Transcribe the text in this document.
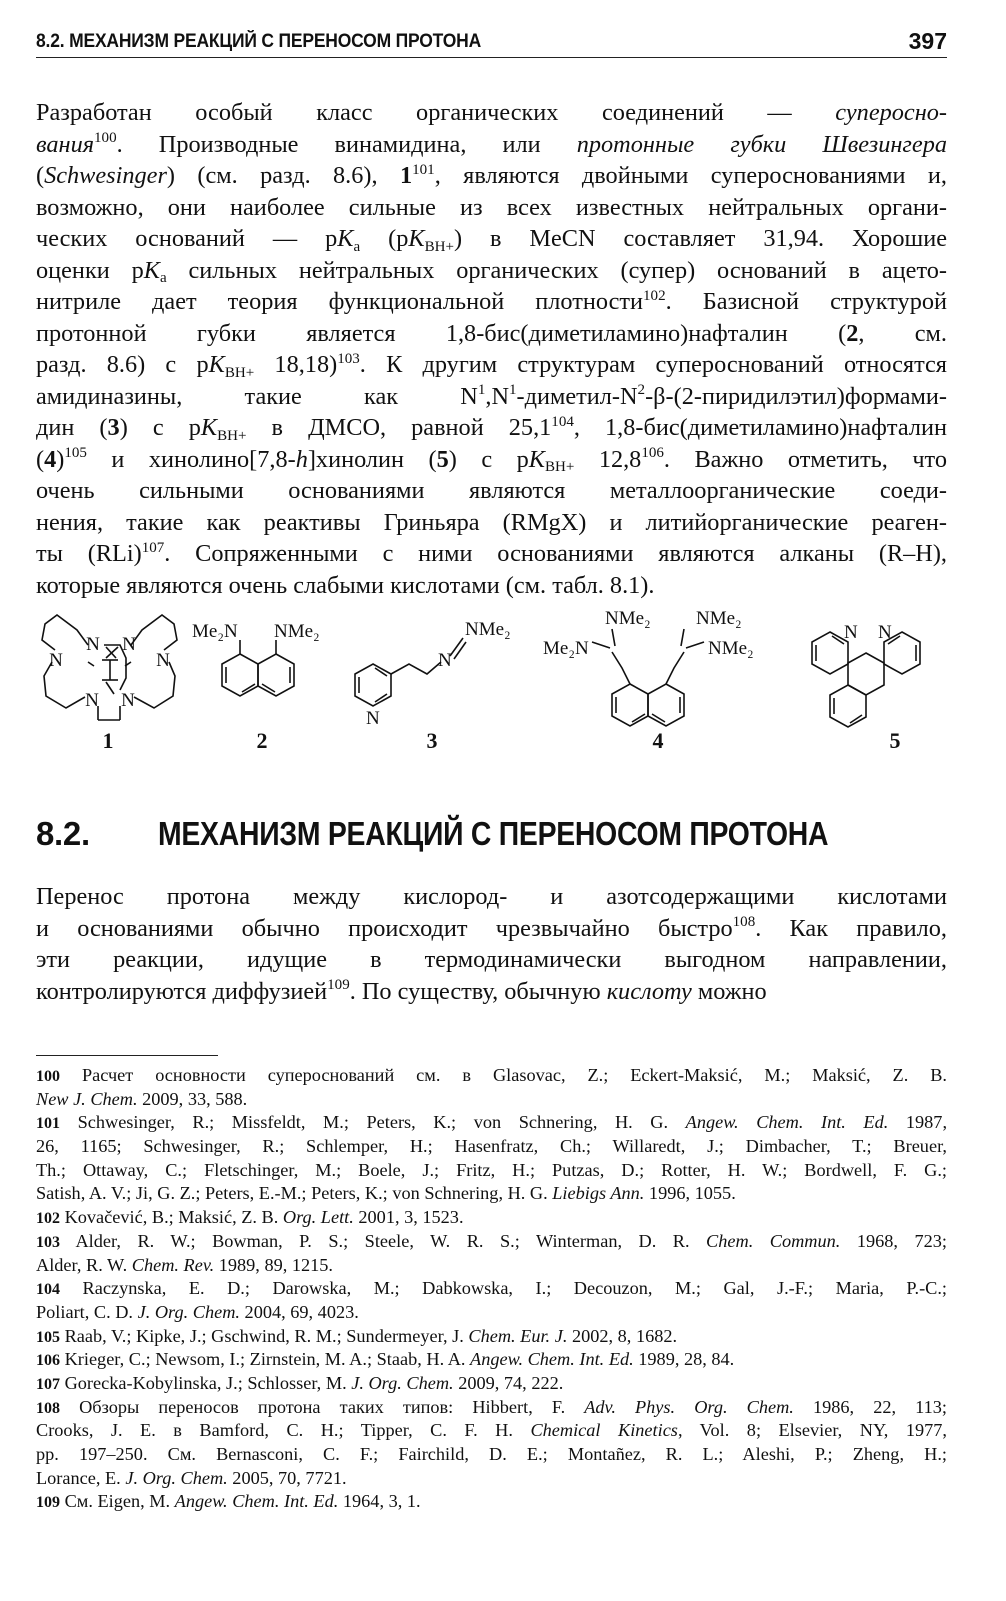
8.2. МЕХАНИЗМ РЕАКЦИЙ С ПЕРЕНОСОМ ПРОТОНА	397
Разработан особый класс органических соединений — суперосно-
вания$^{100}$. Производные винамидина, или протонные губки Швезингера
(Schwesinger) (см. разд. 8.6), $1^{101}$, являются двойными супероснованиями и,
возможно, они наиболее сильные из всех известных нейтральных органи-
ческих оснований — $pK_a$ $(pK_{BH+})$ в MeCN составляет 31,94. Хорошие
оценки $pK_a$ сильных нейтральных органических (супер) оснований в ацето-
нитриле дает теория функциональной плотности$^{102}$. Базисной структурой
протонной губки является 1,8-бис(диметиламино)нафталин (2, см.
разд. 8.6) с $pK_{BH+}$ 18,18)$^{103}$. К другим структурам супероснований относятся
амидиназины, такие как $N^1,N^1-диметил-N^2-\beta-(2-пиридилэтил)формами-$
дин (3) с $pK_{BH+}$ в ДМСО, равной 25,1$^{104}$, 1,8-бис(диметиламино)нафталин
$(4)^{105}$ и хинолино[7,8-h]хинолин (5) с $pK_{BH+}$ 12,8$^{106}$. Важно отметить, что
очень сильными основаниями являются металлоорганические соеди-
нения, такие как реактивы Гриньяра (RMgX) и литийорганические реаген-
ты (RLi)$^{107}$. Сопряженными с ними основаниями являются алканы (R–H),
которые являются очень слабыми кислотами (см. табл. 8.1).
N N
N	N
N N
Me₂N NMe₂	NMe₂
N
N
NMe₂ NMe₂
Me₂N	NMe₂
N N
1	2	3	4	5
8.2. МЕХАНИЗМ РЕАКЦИЙ С ПЕРЕНОСОМ ПРОТОНА
Перенос протона между кислород- и азотсодержащими кислотами
и основаниями обычно происходит чрезвычайно быстро$^{108}$. Как правило,
эти реакции, идущие в термодинамически выгодном направлении,
контролируются диффузией$^{109}$. По существу, обычную кислоту можно
100 Расчет основности супероснований см. в Glasovac, Z.; Eckert-Maksić, M.; Maksić, Z. B.
New J. Chem. 2009, 33, 588.
101 Schwesinger, R.; Missfeldt, M.; Peters, K.; von Schnering, H. G. Angew. Chem. Int. Ed. 1987,
26, 1165; Schwesinger, R.; Schlemper, H.; Hasenfratz, Ch.; Willaredt, J.; Dimbacher, T.; Breuer,
Th.; Ottaway, C.; Fletschinger, M.; Boele, J.; Fritz, H.; Putzas, D.; Rotter, H. W.; Bordwell, F. G.;
Satish, A. V.; Ji, G. Z.; Peters, E.-M.; Peters, K.; von Schnering, H. G. Liebigs Ann. 1996, 1055.
102 Kovačević, B.; Maksić, Z. B. Org. Lett. 2001, 3, 1523.
103 Alder, R. W.; Bowman, P. S.; Steele, W. R. S.; Winterman, D. R. Chem. Commun. 1968, 723;
Alder, R. W. Chem. Rev. 1989, 89, 1215.
104 Raczynska, E. D.; Darowska, M.; Dabkowska, I.; Decouzon, M.; Gal, J.-F.; Maria, P.-C.;
Poliart, C. D. J. Org. Chem. 2004, 69, 4023.
105 Raab, V.; Kipke, J.; Gschwind, R. M.; Sundermeyer, J. Chem. Eur. J. 2002, 8, 1682.
106 Krieger, C.; Newsom, I.; Zirnstein, M. A.; Staab, H. A. Angew. Chem. Int. Ed. 1989, 28, 84.
107 Gorecka-Kobylinska, J.; Schlosser, M. J. Org. Chem. 2009, 74, 222.
108 Обзоры переносов протона таких типов: Hibbert, F. Adv. Phys. Org. Chem. 1986, 22, 113;
Crooks, J. E. в Bamford, C. H.; Tipper, C. F. H. Chemical Kinetics, Vol. 8; Elsevier, NY, 1977,
pp. 197–250. См. Bernasconi, C. F.; Fairchild, D. E.; Montañez, R. L.; Aleshi, P.; Zheng, H.;
Lorance, E. J. Org. Chem. 2005, 70, 7721.
109 См. Eigen, M. Angew. Chem. Int. Ed. 1964, 3, 1.
